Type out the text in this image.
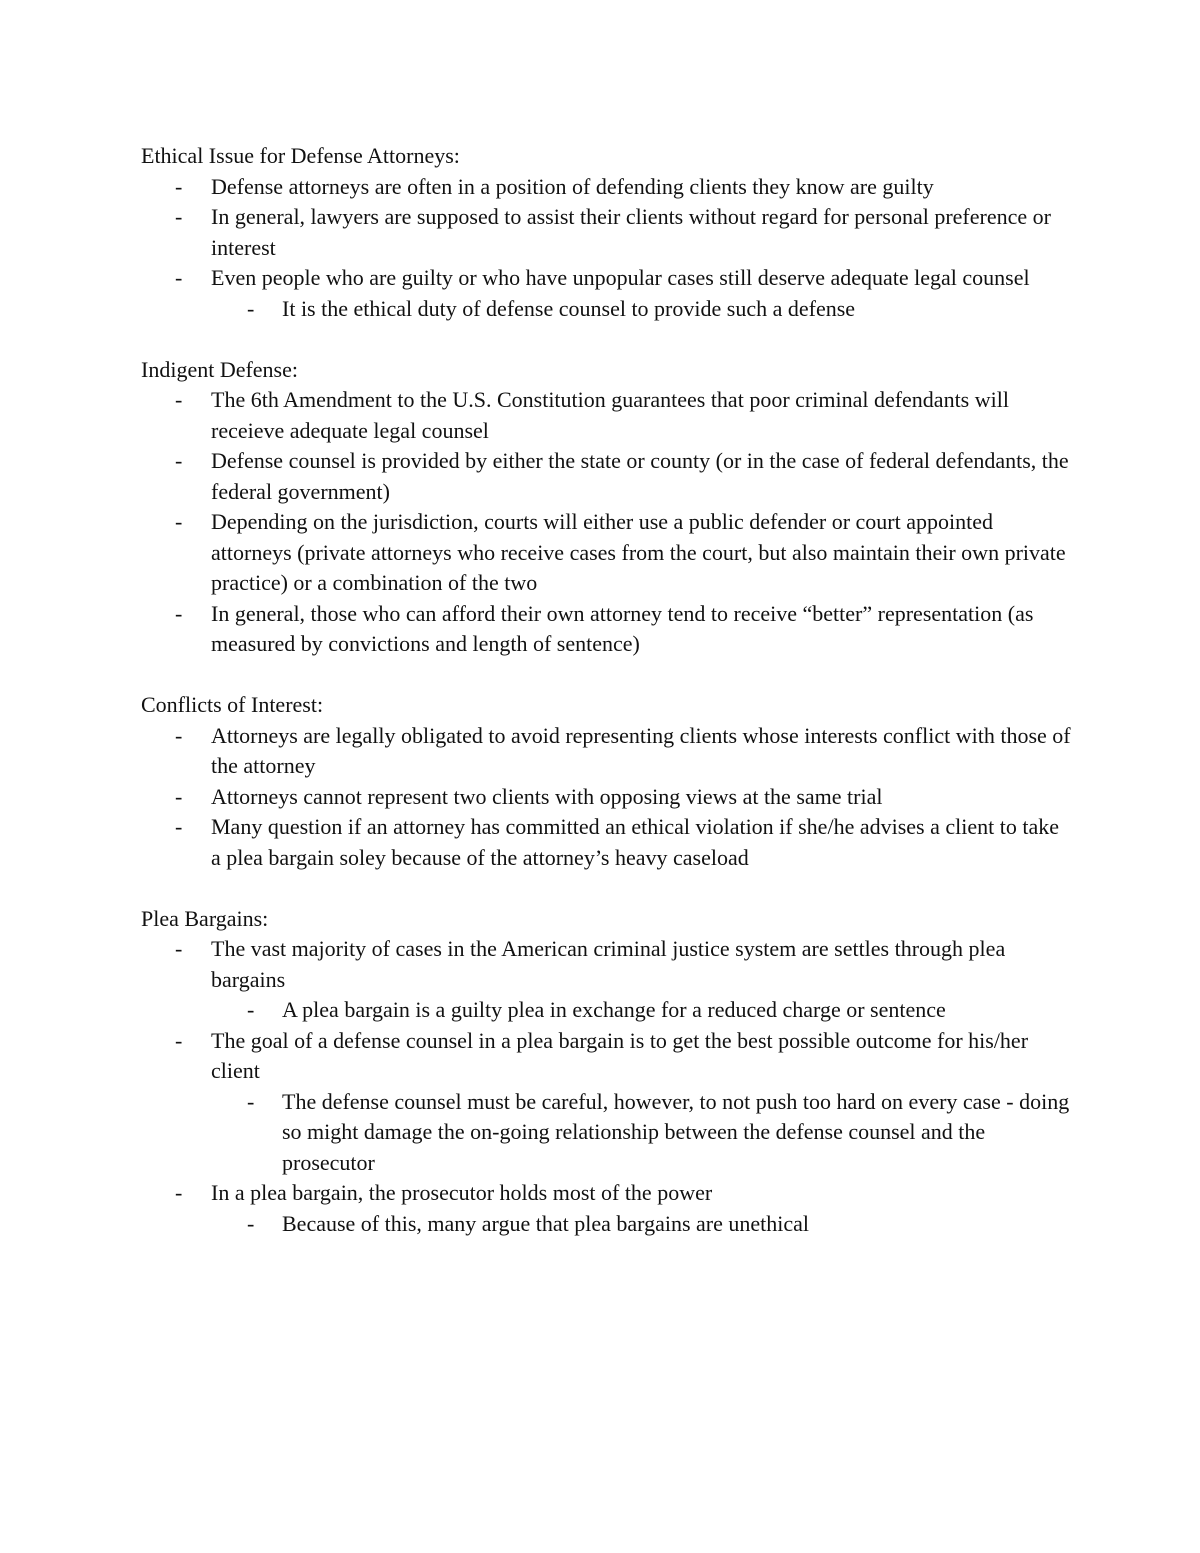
Ethical Issue for Defense Attorneys:
-	Defense attorneys are often in a position of defending clients they know are guilty
-	In general, lawyers are supposed to assist their clients without regard for personal preference or interest
-	Even people who are guilty or who have unpopular cases still deserve adequate legal counsel
-	It is the ethical duty of defense counsel to provide such a defense
Indigent Defense:
-	The 6th Amendment to the U.S. Constitution guarantees that poor criminal defendants will receieve adequate legal counsel
-	Defense counsel is provided by either the state or county (or in the case of federal defendants, the federal government)
-	Depending on the jurisdiction, courts will either use a public defender or court appointed attorneys (private attorneys who receive cases from the court, but also maintain their own private practice) or a combination of the two
-	In general, those who can afford their own attorney tend to receive “better” representation (as measured by convictions and length of sentence)
Conflicts of Interest:
-	Attorneys are legally obligated to avoid representing clients whose interests conflict with those of the attorney
-	Attorneys cannot represent two clients with opposing views at the same trial
-	Many question if an attorney has committed an ethical violation if she/he advises a client to take a plea bargain soley because of the attorney’s heavy caseload
Plea Bargains:
-	The vast majority of cases in the American criminal justice system are settles through plea bargains
-	A plea bargain is a guilty plea in exchange for a reduced charge or sentence
-	The goal of a defense counsel in a plea bargain is to get the best possible outcome for his/her client
-	The defense counsel must be careful, however, to not push too hard on every case - doing so might damage the on-going relationship between the defense counsel and the prosecutor
-	In a plea bargain, the prosecutor holds most of the power
-	Because of this, many argue that plea bargains are unethical
